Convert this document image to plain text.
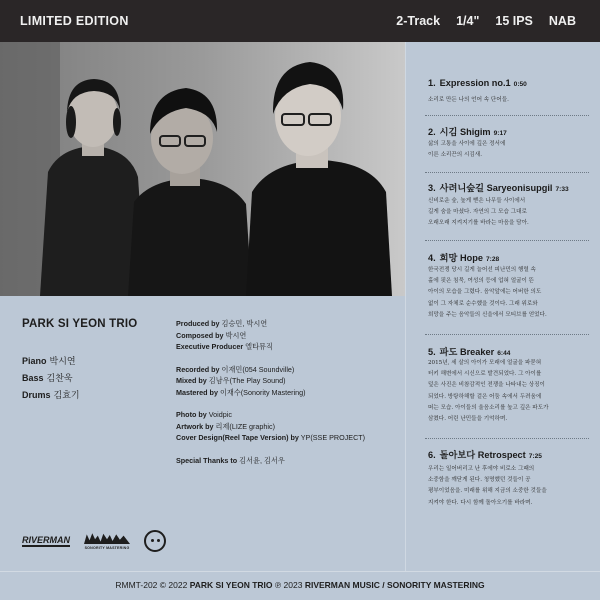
LIMITED EDITION	2-Track 1/4" 15 IPS NAB
PARK SI YEON TRIO
Piano 박시연
Bass 김찬욱
Drums 김효기
Produced by 김승민, 박시연
Composed by 박시연
Executive Producer 엘타뮤직
Recorded by 이재민(054 Soundville)
Mixed by 김남우(The Play Sound)
Mastered by 이재수(Sonority Mastering)
Photo by Voidpic
Artwork by 리제(LIZE graphic)
Cover Design(Reel Tape Version) by YP(SSE PROJECT)
Special Thanks to 김서윤, 김서우
RIVERMAN
SONORITY MASTERING
1. Expression no.1 0:50
소리로 만든 나의 언어 속 단어들.
2. 시김 Shigim 9:17
삶의 고통을 사이에 깊은 정서에
이른 소리끈의 시김새.
3. 사려니숲길 Saryeonisupgil 7:33
신비로운 숲, 높게 뻗은 나무들 사이에서
길게 숨을 마셨다. 자연의 그 모습 그대로
오래오래 지켜지기를 바라는 마음을 담아.
4. 희망 Hope 7:28
한국전쟁 당시 길게 늘어선 피난민의 행렬 속
홀에 핏은 침묵, 여성의 등에 업혀 얼굴이 뜬
아이의 모습을 그렸다. 음악앞에는 어버한 의도
없이 그 자체로 순수했을 것이다. 그래 위로와
희망을 주는 음악들의 신을에서 모티브를 얻었다.
5. 파도 Breaker 6:44
2015년, 세 살의 아이가 모래에 얼굴을 파묻혀
터키 해변에서 시신으로 발견되었다. 그 아이를
덮은 사진은 비참감적인 전쟁을 나타내는 상징이
되었다. 방탕하해할 겉은 어둠 속에서 두려움에
떠는 모습. 아이들의 울음소리를 높고 깊은 파도가
삼켰다. 어린 난민들을 기억하며.
6. 돌아보다 Retrospect 7:25
우리는 일어버리고 난 후에야 비로소 그때의
소중함을 깨닫게 된다. 청명했던 것들이 공
평부이었음을. 미래를 위해 지금의 소중한 것들을
지켜야 한다. 다시 함께 돌아오기를 바라며.
RMMT-202 © 2022 PARK SI YEON TRIO ℗ 2023 RIVERMAN MUSIC / SONORITY MASTERING
